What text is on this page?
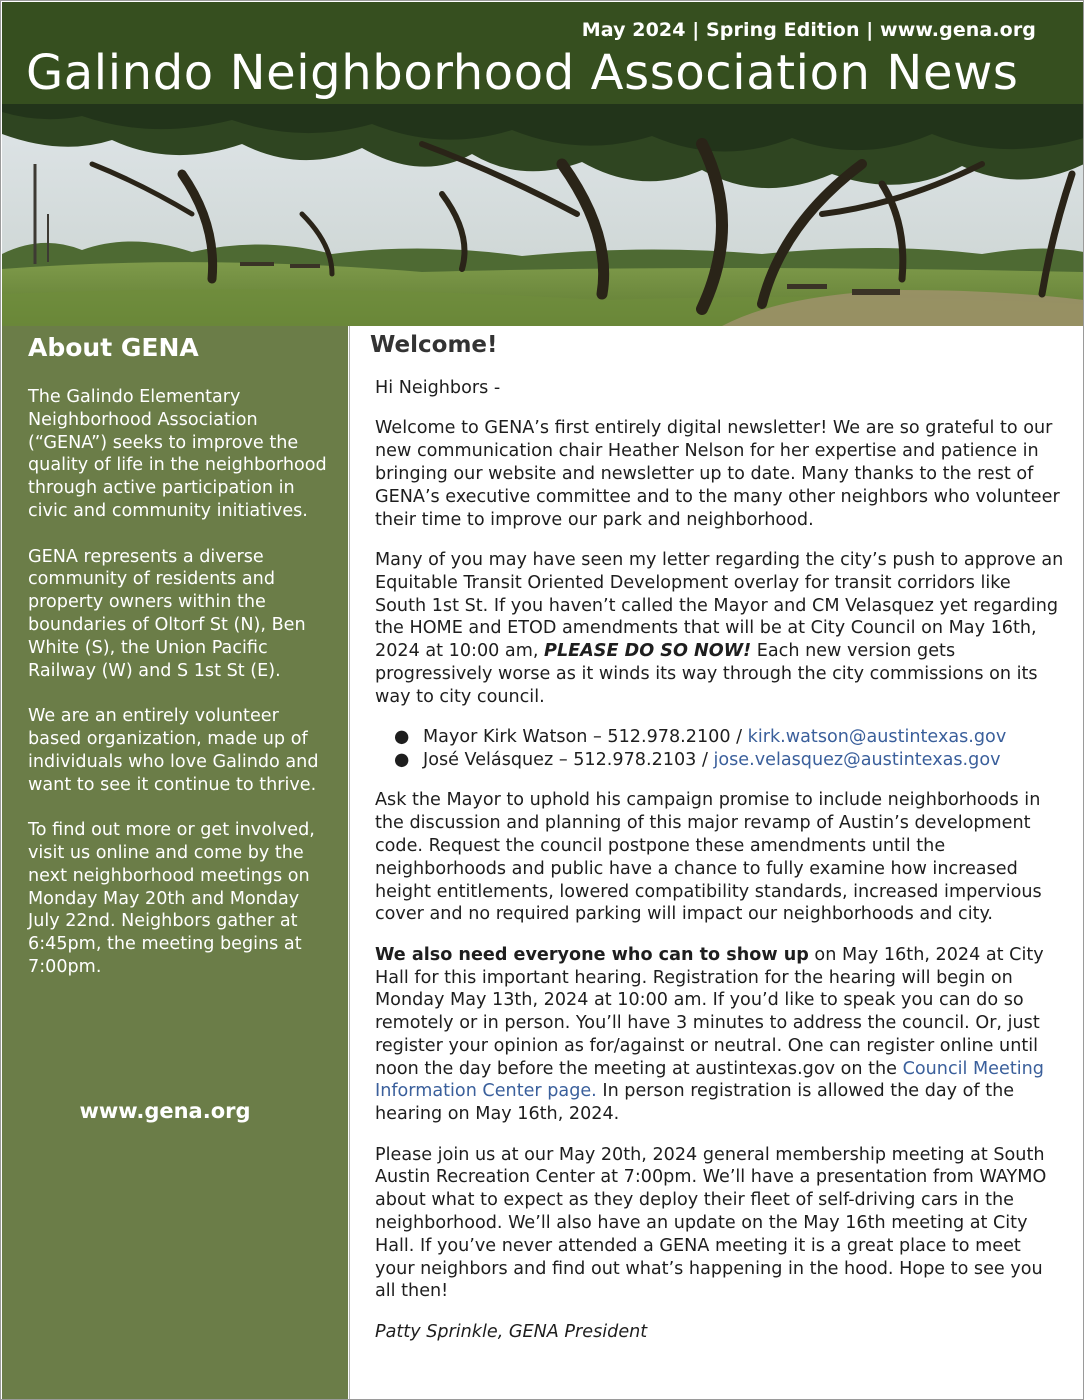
May 2024 | Spring Edition | www.gena.org
Galindo Neighborhood Association News
About GENA

The Galindo Elementary Neighborhood Association (“GENA”) seeks to improve the quality of life in the neighborhood through active participation in civic and community initiatives.

GENA represents a diverse community of residents and property owners within the boundaries of Oltorf St (N), Ben White (S), the Union Pacific Railway (W) and S 1st St (E).

We are an entirely volunteer based organization, made up of individuals who love Galindo and want to see it continue to thrive.

To find out more or get involved, visit us online and come by the next neighborhood meetings on Monday May 20th and Monday July 22nd. Neighbors gather at 6:45pm, the meeting begins at 7:00pm.

www.gena.org
Welcome!

Hi Neighbors -

Welcome to GENA’s first entirely digital newsletter! We are so grateful to our new communication chair Heather Nelson for her expertise and patience in bringing our website and newsletter up to date. Many thanks to the rest of GENA’s executive committee and to the many other neighbors who volunteer their time to improve our park and neighborhood.

Many of you may have seen my letter regarding the city’s push to approve an Equitable Transit Oriented Development overlay for transit corridors like South 1st St. If you haven’t called the Mayor and CM Velasquez yet regarding the HOME and ETOD amendments that will be at City Council on May 16th, 2024 at 10:00 am, PLEASE DO SO NOW! Each new version gets progressively worse as it winds its way through the city commissions on its way to city council.

● Mayor Kirk Watson – 512.978.2100 / kirk.watson@austintexas.gov
● José Velásquez – 512.978.2103 / jose.velasquez@austintexas.gov

Ask the Mayor to uphold his campaign promise to include neighborhoods in the discussion and planning of this major revamp of Austin’s development code. Request the council postpone these amendments until the neighborhoods and public have a chance to fully examine how increased height entitlements, lowered compatibility standards, increased impervious cover and no required parking will impact our neighborhoods and city.

We also need everyone who can to show up on May 16th, 2024 at City Hall for this important hearing. Registration for the hearing will begin on Monday May 13th, 2024 at 10:00 am. If you’d like to speak you can do so remotely or in person. You’ll have 3 minutes to address the council. Or, just register your opinion as for/against or neutral. One can register online until noon the day before the meeting at austintexas.gov on the Council Meeting Information Center page. In person registration is allowed the day of the hearing on May 16th, 2024.

Please join us at our May 20th, 2024 general membership meeting at South Austin Recreation Center at 7:00pm. We’ll have a presentation from WAYMO about what to expect as they deploy their fleet of self-driving cars in the neighborhood. We’ll also have an update on the May 16th meeting at City Hall. If you’ve never attended a GENA meeting it is a great place to meet your neighbors and find out what’s happening in the hood. Hope to see you all then!

Patty Sprinkle, GENA President
